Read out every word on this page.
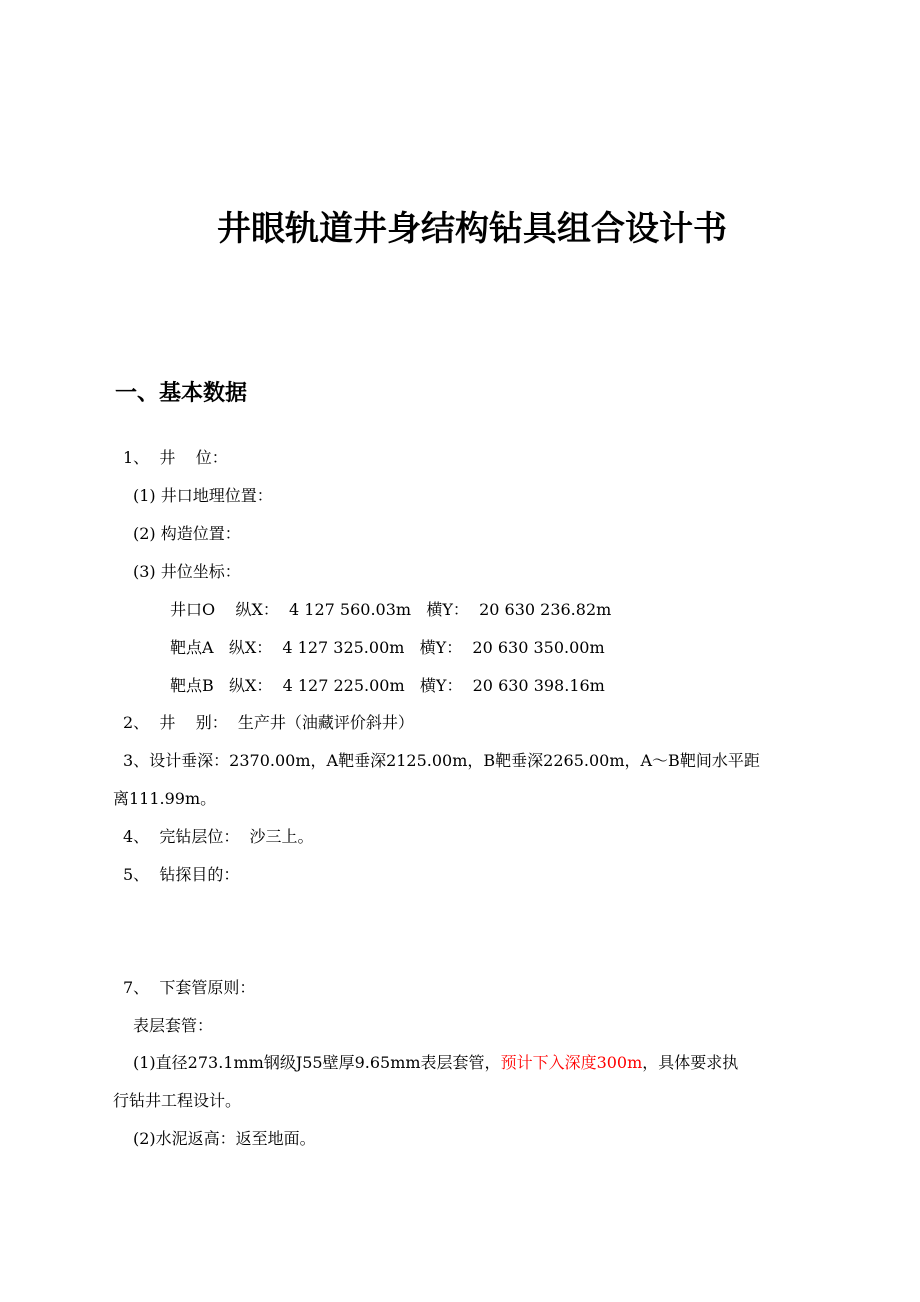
井眼轨道井身结构钻具组合设计书
一、基本数据
1、  井    位：
(1) 井口地理位置：
(2) 构造位置：
(3) 井位坐标：
井口O    纵X：  4 127 560.03m   横Y：  20 630 236.82m
靶点A   纵X：  4 127 325.00m   横Y：  20 630 350.00m
靶点B   纵X：  4 127 225.00m   横Y：  20 630 398.16m
2、  井    别：  生产井（油藏评价斜井）
3、设计垂深：2370.00m，A靶垂深2125.00m，B靶垂深2265.00m，A～B靶间水平距
离111.99m。
4、  完钻层位：  沙三上。
5、  钻探目的：
7、  下套管原则：
表层套管：
(1)直径273.1mm钢级J55壁厚9.65mm表层套管，预计下入深度300m，具体要求执
行钻井工程设计。
(2)水泥返高：返至地面。
